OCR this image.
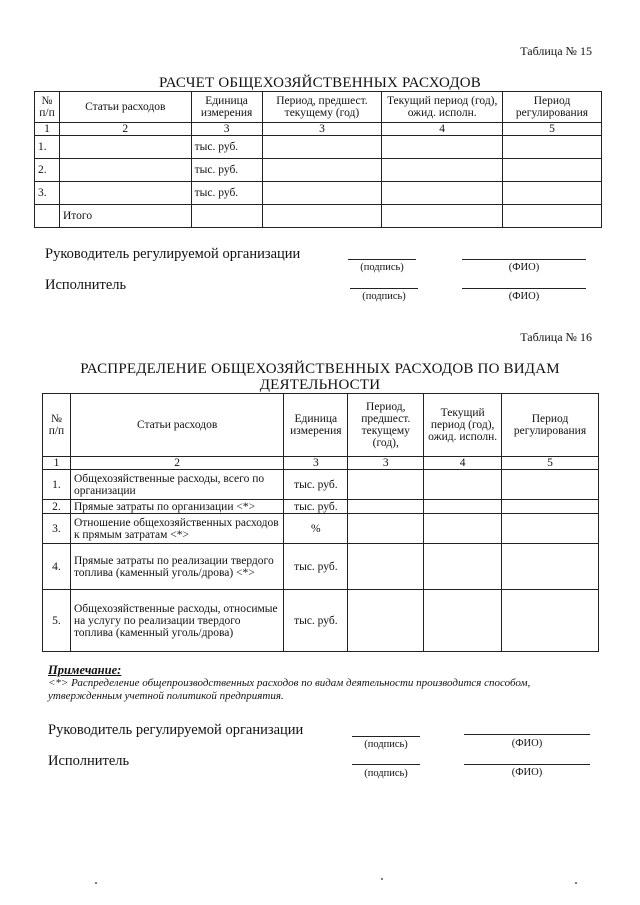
Таблица № 15
РАСЧЕТ ОБЩЕХОЗЯЙСТВЕННЫХ РАСХОДОВ
№ п/п	Статьи расходов	Единица измерения	Период, предшест. текущему (год)	Текущий период (год), ожид. исполн.	Период регулирования
1	2	3	3	4	5
1.		тыс. руб.			
2.		тыс. руб.			
3.		тыс. руб.			
	Итого				
Руководитель регулируемой организации
(подпись)	(ФИО)
Исполнитель
(подпись)	(ФИО)
Таблица № 16
РАСПРЕДЕЛЕНИЕ ОБЩЕХОЗЯЙСТВЕННЫХ РАСХОДОВ ПО ВИДАМ
ДЕЯТЕЛЬНОСТИ
№ п/п	Статьи расходов	Единица измерения	Период, предшест. текущему (год),	Текущий период (год), ожид. исполн.	Период регулирования
1	2	3	3	4	5
1.	Общехозяйственные расходы, всего по организации	тыс. руб.			
2.	Прямые затраты по организации <*>	тыс. руб.			
3.	Отношение общехозяйственных расходов к прямым затратам <*>	%			
4.	Прямые затраты по реализации твердого топлива (каменный уголь/дрова) <*>	тыс. руб.			
5.	Общехозяйственные расходы, относимые на услугу по реализации твердого топлива (каменный уголь/дрова)	тыс. руб.			
Примечание:
<*> Распределение общепроизводственных расходов по видам деятельности производится способом, утвержденным учетной политикой предприятия.
Руководитель регулируемой организации
(подпись)	(ФИО)
Исполнитель
(подпись)	(ФИО)
